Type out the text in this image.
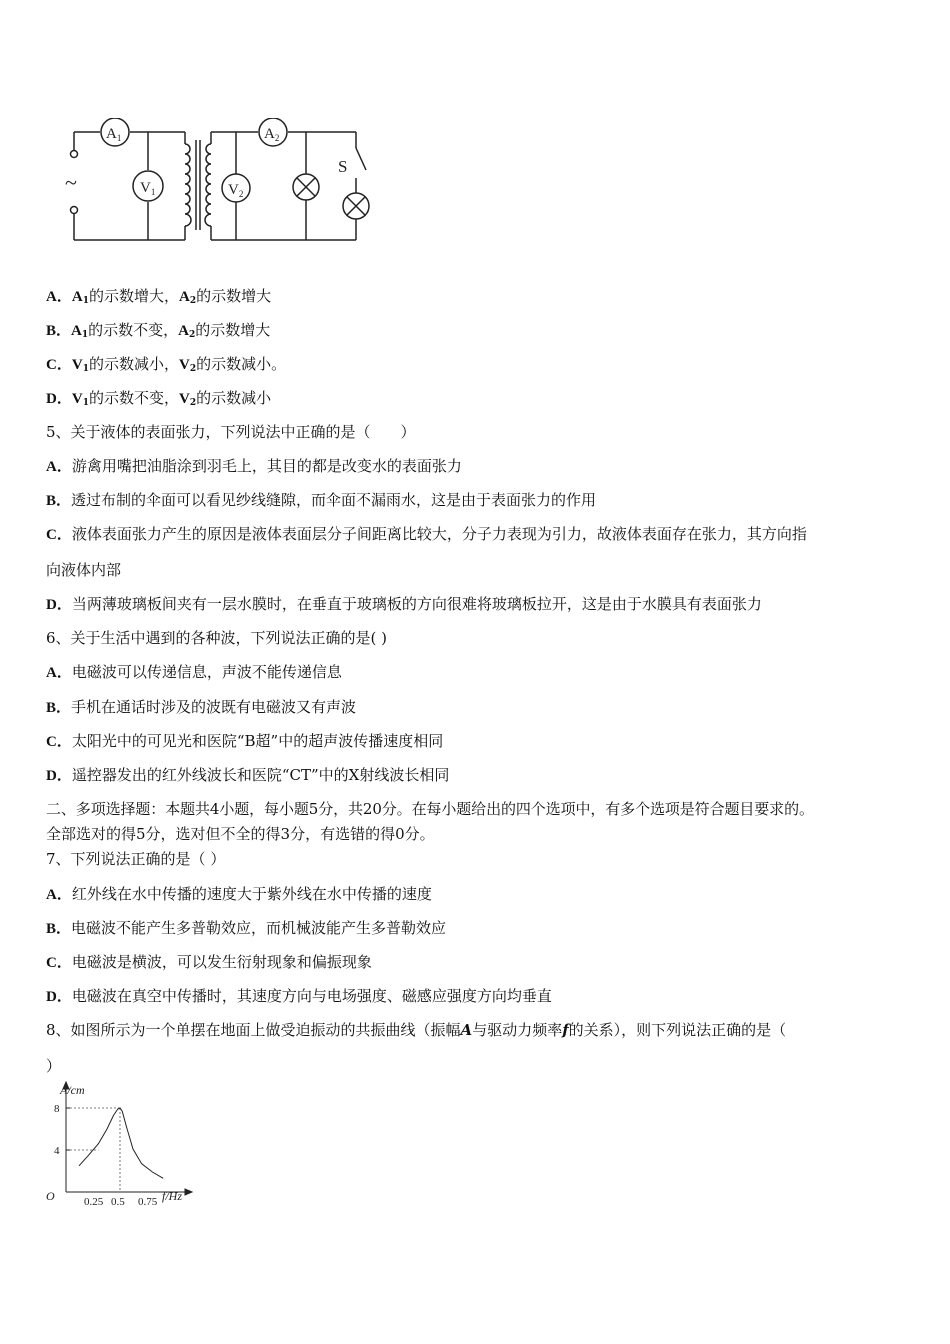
~
$A_1$
$V_1$
$A_2$
$V_2$
S
A．$A_1$的示数增大，$A_2$的示数增大
B．$A_1$的示数不变，$A_2$的示数增大
C．$V_1$的示数减小，$V_2$的示数减小。
D．$V_1$的示数不变，$V_2$的示数减小
5、关于液体的表面张力，下列说法中正确的是（　　）
A．游禽用嘴把油脂涂到羽毛上，其目的都是改变水的表面张力
B．透过布制的伞面可以看见纱线缝隙，而伞面不漏雨水，这是由于表面张力的作用
C．液体表面张力产生的原因是液体表面层分子间距离比较大，分子力表现为引力，故液体表面存在张力，其方向指
向液体内部
D．当两薄玻璃板间夹有一层水膜时，在垂直于玻璃板的方向很难将玻璃板拉开，这是由于水膜具有表面张力
6、关于生活中遇到的各种波，下列说法正确的是( )
A．电磁波可以传递信息，声波不能传递信息
B．手机在通话时涉及的波既有电磁波又有声波
C．太阳光中的可见光和医院“B超”中的超声波传播速度相同
D．遥控器发出的红外线波长和医院“CT”中的X射线波长相同
二、多项选择题：本题共4小题，每小题5分，共20分。在每小题给出的四个选项中，有多个选项是符合题目要求的。
全部选对的得5分，选对但不全的得3分，有选错的得0分。
7、下列说法正确的是（ ）
A．红外线在水中传播的速度大于紫外线在水中传播的速度
B．电磁波不能产生多普勒效应，而机械波能产生多普勒效应
C．电磁波是横波，可以发生衍射现象和偏振现象
D．电磁波在真空中传播时，其速度方向与电场强度、磁感应强度方向均垂直
8、如图所示为一个单摆在地面上做受迫振动的共振曲线（振幅A与驱动力频率f的关系），则下列说法正确的是（
）
A/cm
f/Hz
O	0.25 0.5 0.75
4
8
